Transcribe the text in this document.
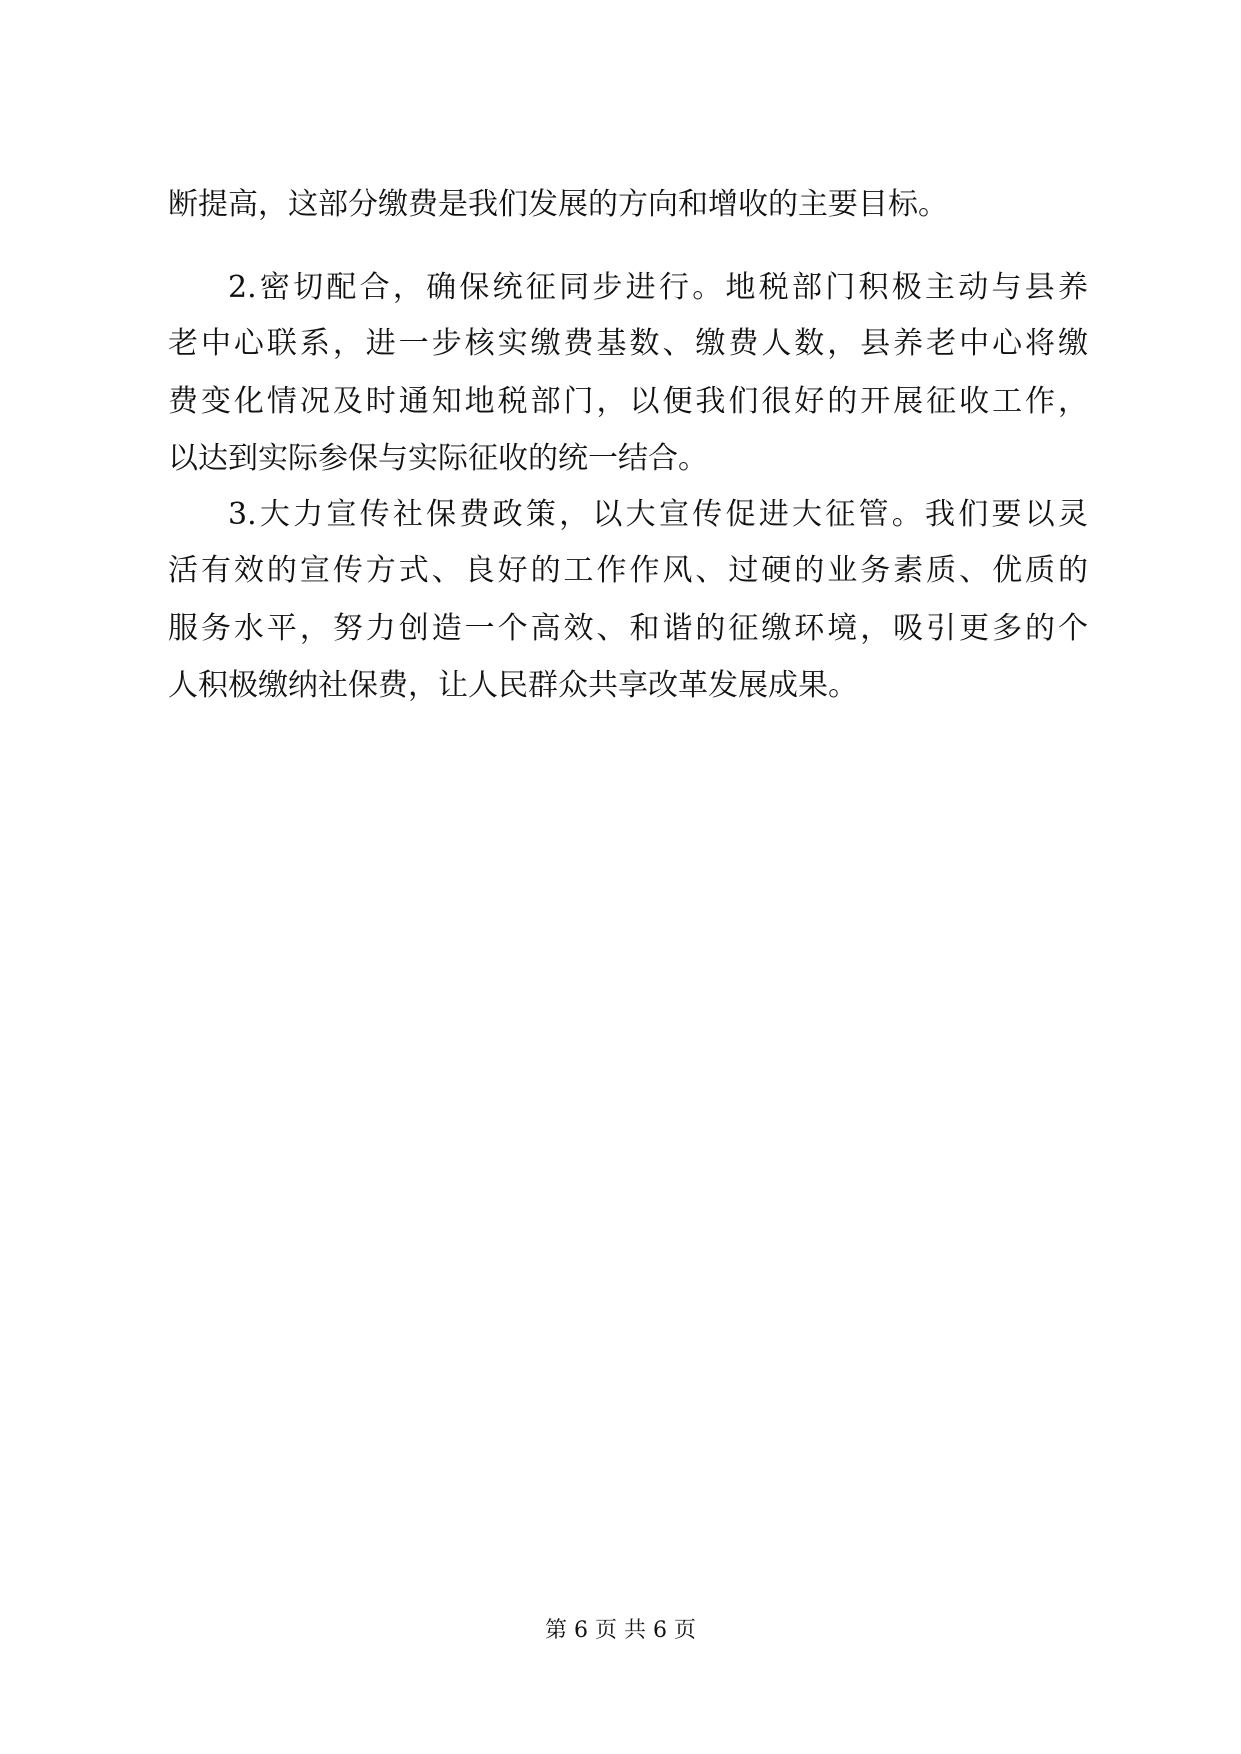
断提高，这部分缴费是我们发展的方向和增收的主要目标。
2.密切配合，确保统征同步进行。地税部门积极主动与县养
老中心联系，进一步核实缴费基数、缴费人数，县养老中心将缴
费变化情况及时通知地税部门，以便我们很好的开展征收工作，
以达到实际参保与实际征收的统一结合。
3.大力宣传社保费政策，以大宣传促进大征管。我们要以灵
活有效的宣传方式、良好的工作作风、过硬的业务素质、优质的
服务水平，努力创造一个高效、和谐的征缴环境，吸引更多的个
人积极缴纳社保费，让人民群众共享改革发展成果。
第 6 页 共 6 页
